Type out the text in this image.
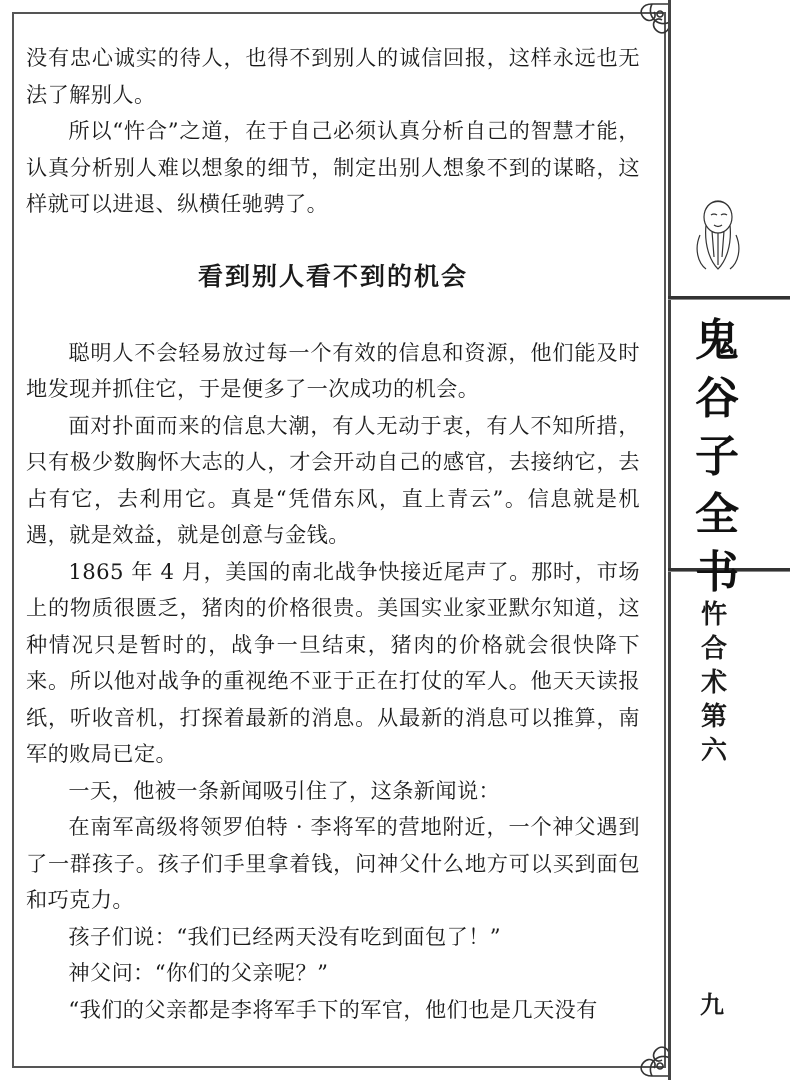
鬼
谷
子
全
书
忤
合
术
第
六
九

没有忠心诚实的待人，也得不到别人的诚信回报，这样永远也无法了解别人。

所以“忤合”之道，在于自己必须认真分析自己的智慧才能，认真分析别人难以想象的细节，制定出别人想象不到的谋略，这样就可以进退、纵横任驰骋了。

看到别人看不到的机会

聪明人不会轻易放过每一个有效的信息和资源，他们能及时地发现并抓住它，于是便多了一次成功的机会。

面对扑面而来的信息大潮，有人无动于衷，有人不知所措，只有极少数胸怀大志的人，才会开动自己的感官，去接纳它，去占有它，去利用它。真是“凭借东风，直上青云”。信息就是机遇，就是效益，就是创意与金钱。

1865 年 4 月，美国的南北战争快接近尾声了。那时，市场上的物质很匮乏，猪肉的价格很贵。美国实业家亚默尔知道，这种情况只是暂时的，战争一旦结束，猪肉的价格就会很快降下来。所以他对战争的重视绝不亚于正在打仗的军人。他天天读报纸，听收音机，打探着最新的消息。从最新的消息可以推算，南军的败局已定。

一天，他被一条新闻吸引住了，这条新闻说：

在南军高级将领罗伯特 · 李将军的营地附近，一个神父遇到了一群孩子。孩子们手里拿着钱，问神父什么地方可以买到面包和巧克力。

孩子们说：“我们已经两天没有吃到面包了！”

神父问：“你们的父亲呢？”

“我们的父亲都是李将军手下的军官，他们也是几天没有
